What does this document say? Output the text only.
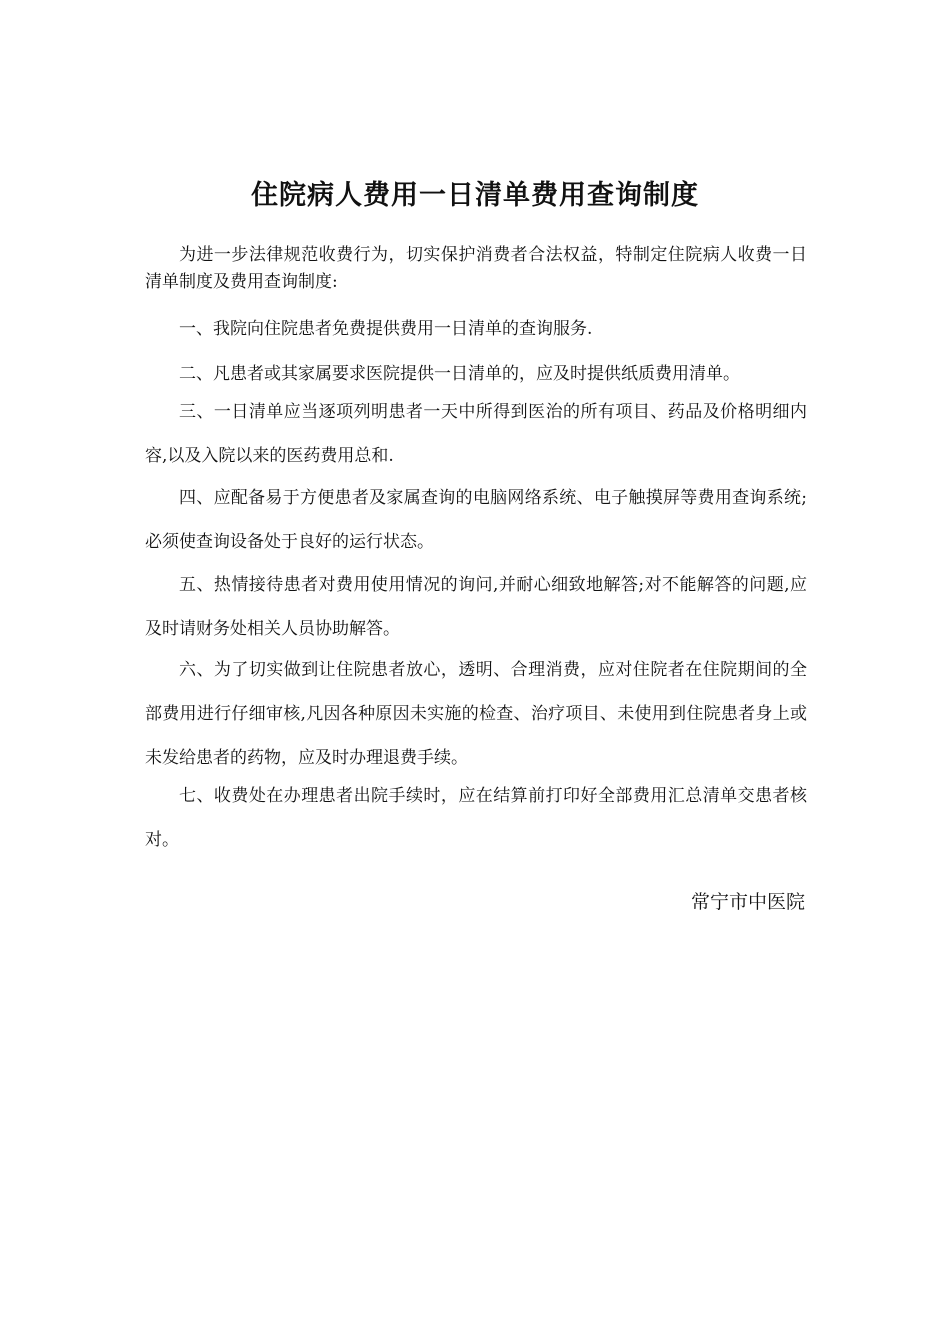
住院病人费用一日清单费用查询制度

为进一步法律规范收费行为，切实保护消费者合法权益，特制定住院病人收费一日清单制度及费用查询制度:

一、我院向住院患者免费提供费用一日清单的查询服务.

二、凡患者或其家属要求医院提供一日清单的，应及时提供纸质费用清单。

三、一日清单应当逐项列明患者一天中所得到医治的所有项目、药品及价格明细内容,以及入院以来的医药费用总和.

四、应配备易于方便患者及家属查询的电脑网络系统、电子触摸屏等费用查询系统;必须使查询设备处于良好的运行状态。

五、热情接待患者对费用使用情况的询问,并耐心细致地解答;对不能解答的问题,应及时请财务处相关人员协助解答。

六、为了切实做到让住院患者放心，透明、合理消费，应对住院者在住院期间的全部费用进行仔细审核,凡因各种原因未实施的检查、治疗项目、未使用到住院患者身上或未发给患者的药物，应及时办理退费手续。

七、收费处在办理患者出院手续时，应在结算前打印好全部费用汇总清单交患者核对。

常宁市中医院
